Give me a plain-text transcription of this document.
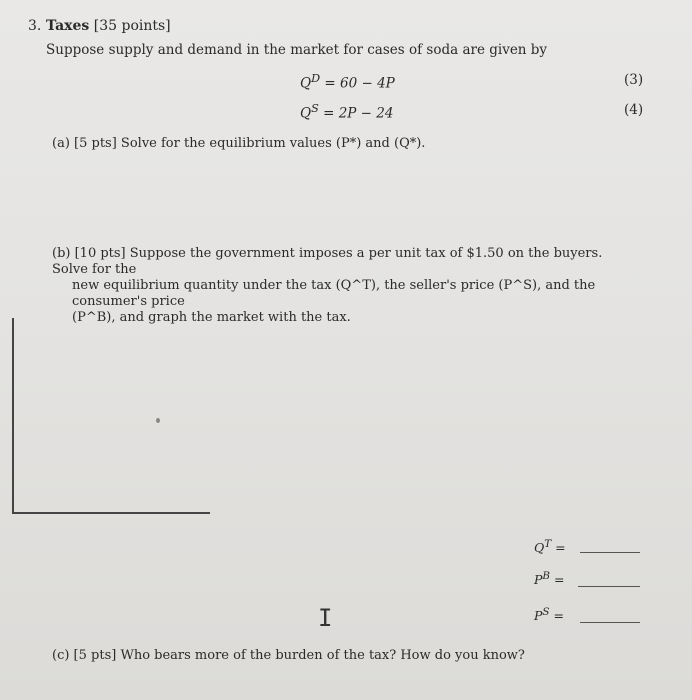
3. Taxes [35 points]
Suppose supply and demand in the market for cases of soda are given by
$Q^D = 60 - 4P$	(3)
$Q^S = 2P - 24$	(4)
(a) [5 pts] Solve for the equilibrium values (P*) and (Q*).
(b) [10 pts] Suppose the government imposes a per unit tax of $1.50 on the buyers. Solve for the
new equilibrium quantity under the tax (Q^T), the seller's price (P^S), and the consumer's price
(P^B), and graph the market with the tax.
$Q^T$ =
$P^B$ =
$P^S$ =
I
(c) [5 pts] Who bears more of the burden of the tax? How do you know?
